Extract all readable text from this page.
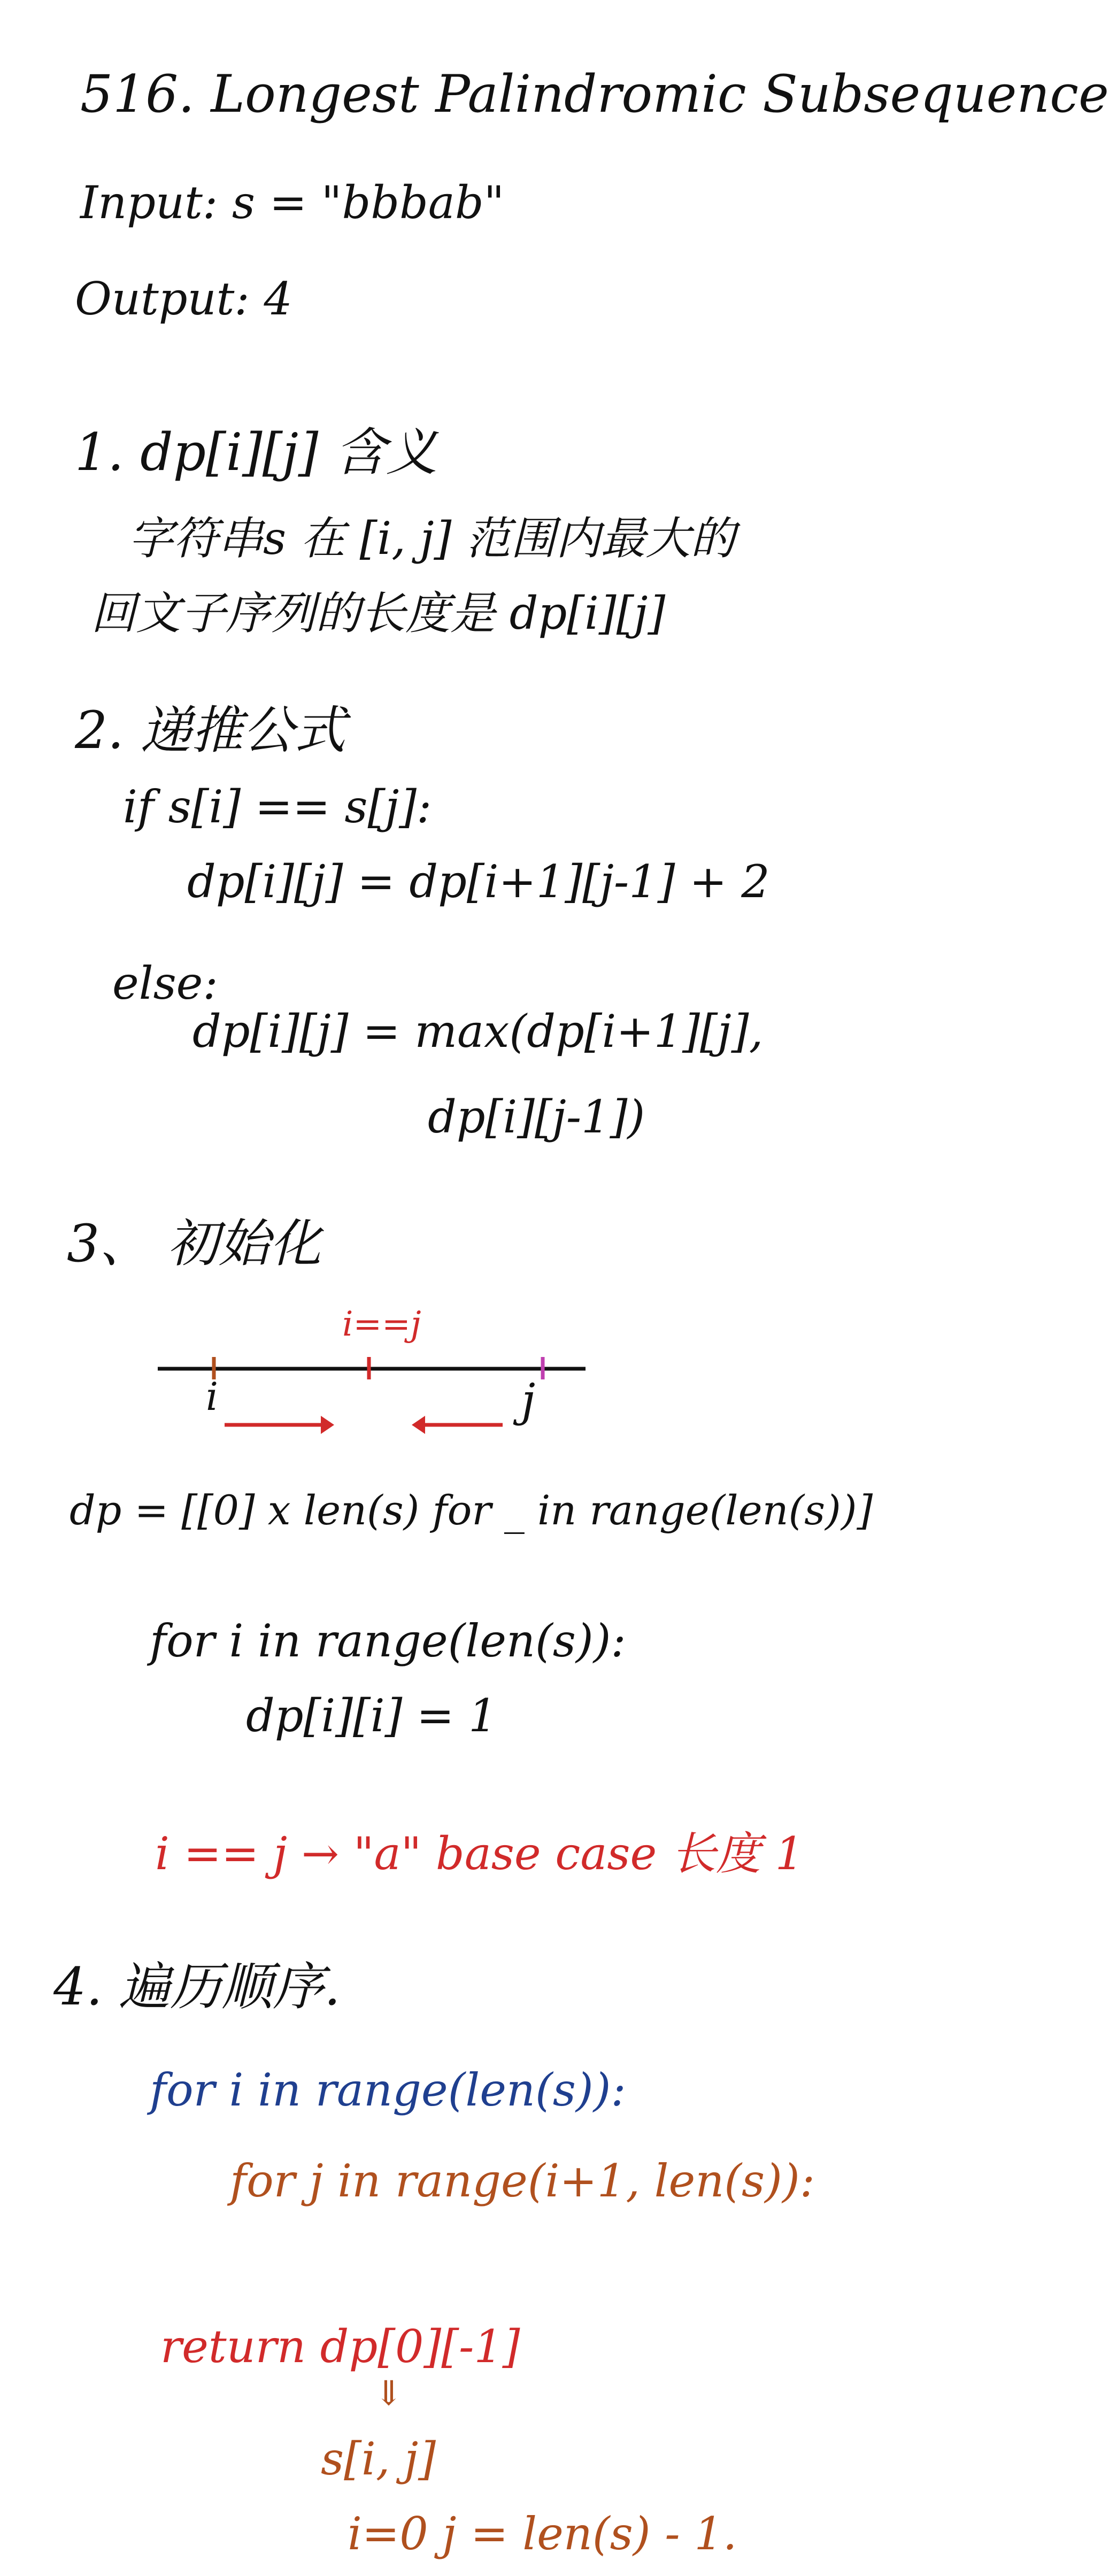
516. Longest Palindromic Subsequence
Input: s = "bbbab"
Output: 4
1. dp[i][j] 含义
字符串s 在 [i, j] 范围内最大的
回文子序列的长度是 dp[i][j]
2. 递推公式
if s[i] == s[j]:
dp[i][j] = dp[i+1][j-1] + 2
else:
dp[i][j] = max(dp[i+1][j],
dp[i][j-1])
3、 初始化
i==j
i	j
dp = [[0] x len(s) for _ in range(len(s))]
for i in range(len(s)):
dp[i][i] = 1
i == j → "a" base case 长度 1
4. 遍历顺序.
for i in range(len(s)):
for j in range(i+1, len(s)):
return dp[0][-1]
⇓
s[i, j]
i=0 j = len(s) - 1.
